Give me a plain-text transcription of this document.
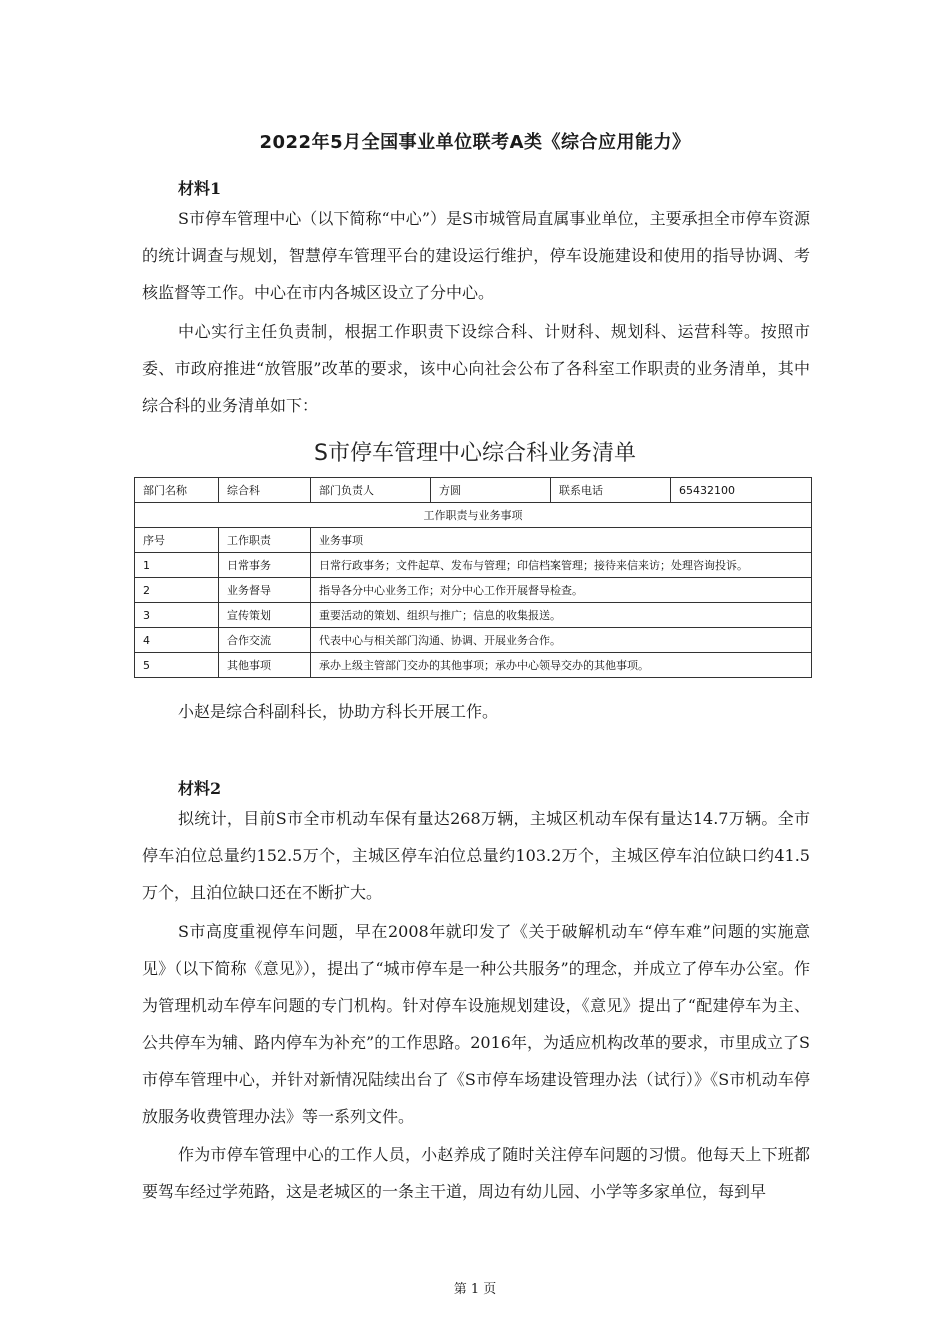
2022年5月全国事业单位联考A类《综合应用能力》
材料1

S市停车管理中心（以下简称“中心”）是S市城管局直属事业单位，主要承担全市停车资源的统计调查与规划，智慧停车管理平台的建设运行维护，停车设施建设和使用的指导协调、考核监督等工作。中心在市内各城区设立了分中心。

中心实行主任负责制，根据工作职责下设综合科、计财科、规划科、运营科等。按照市委、市政府推进“放管服”改革的要求，该中心向社会公布了各科室工作职责的业务清单，其中综合科的业务清单如下：

S市停车管理中心综合科业务清单
部门名称	综合科	部门负责人	方圆	联系电话	65432100
工作职责与业务事项					
序号	工作职责	业务事项			
1	日常事务	日常行政事务；文件起草、发布与管理；印信档案管理；接待来信来访；处理咨询投诉。			
2	业务督导	指导各分中心业务工作；对分中心工作开展督导检查。			
3	宣传策划	重要活动的策划、组织与推广；信息的收集报送。			
4	合作交流	代表中心与相关部门沟通、协调、开展业务合作。			
5	其他事项	承办上级主管部门交办的其他事项；承办中心领导交办的其他事项。			

小赵是综合科副科长，协助方科长开展工作。

材料2

拟统计，目前S市全市机动车保有量达268万辆，主城区机动车保有量达14.7万辆。全市停车泊位总量约152.5万个，主城区停车泊位总量约103.2万个，主城区停车泊位缺口约41.5万个，且泊位缺口还在不断扩大。

S市高度重视停车问题，早在2008年就印发了《关于破解机动车“停车难”问题的实施意见》（以下简称《意见》），提出了“城市停车是一种公共服务”的理念，并成立了停车办公室。作为管理机动车停车问题的专门机构。针对停车设施规划建设，《意见》提出了“配建停车为主、公共停车为辅、路内停车为补充”的工作思路。2016年，为适应机构改革的要求，市里成立了S市停车管理中心，并针对新情况陆续出台了《S市停车场建设管理办法（试行）》《S市机动车停放服务收费管理办法》等一系列文件。

作为市停车管理中心的工作人员，小赵养成了随时关注停车问题的习惯。他每天上下班都要驾车经过学苑路，这是老城区的一条主干道，周边有幼儿园、小学等多家单位，每到早

第 1 页
